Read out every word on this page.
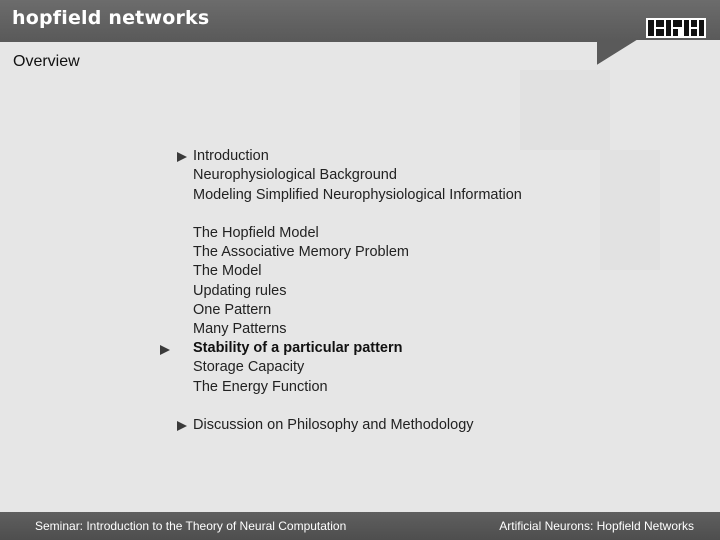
hopfield networks
Overview
Introduction
Neurophysiological Background
Modeling Simplified Neurophysiological Information
The Hopfield Model
The Associative Memory Problem
The Model
Updating rules
One Pattern
Many Patterns
Stability of a particular pattern
Storage Capacity
The Energy Function
Discussion on Philosophy and Methodology
Seminar: Introduction to the Theory of Neural Computation	Artificial Neurons: Hopfield Networks
